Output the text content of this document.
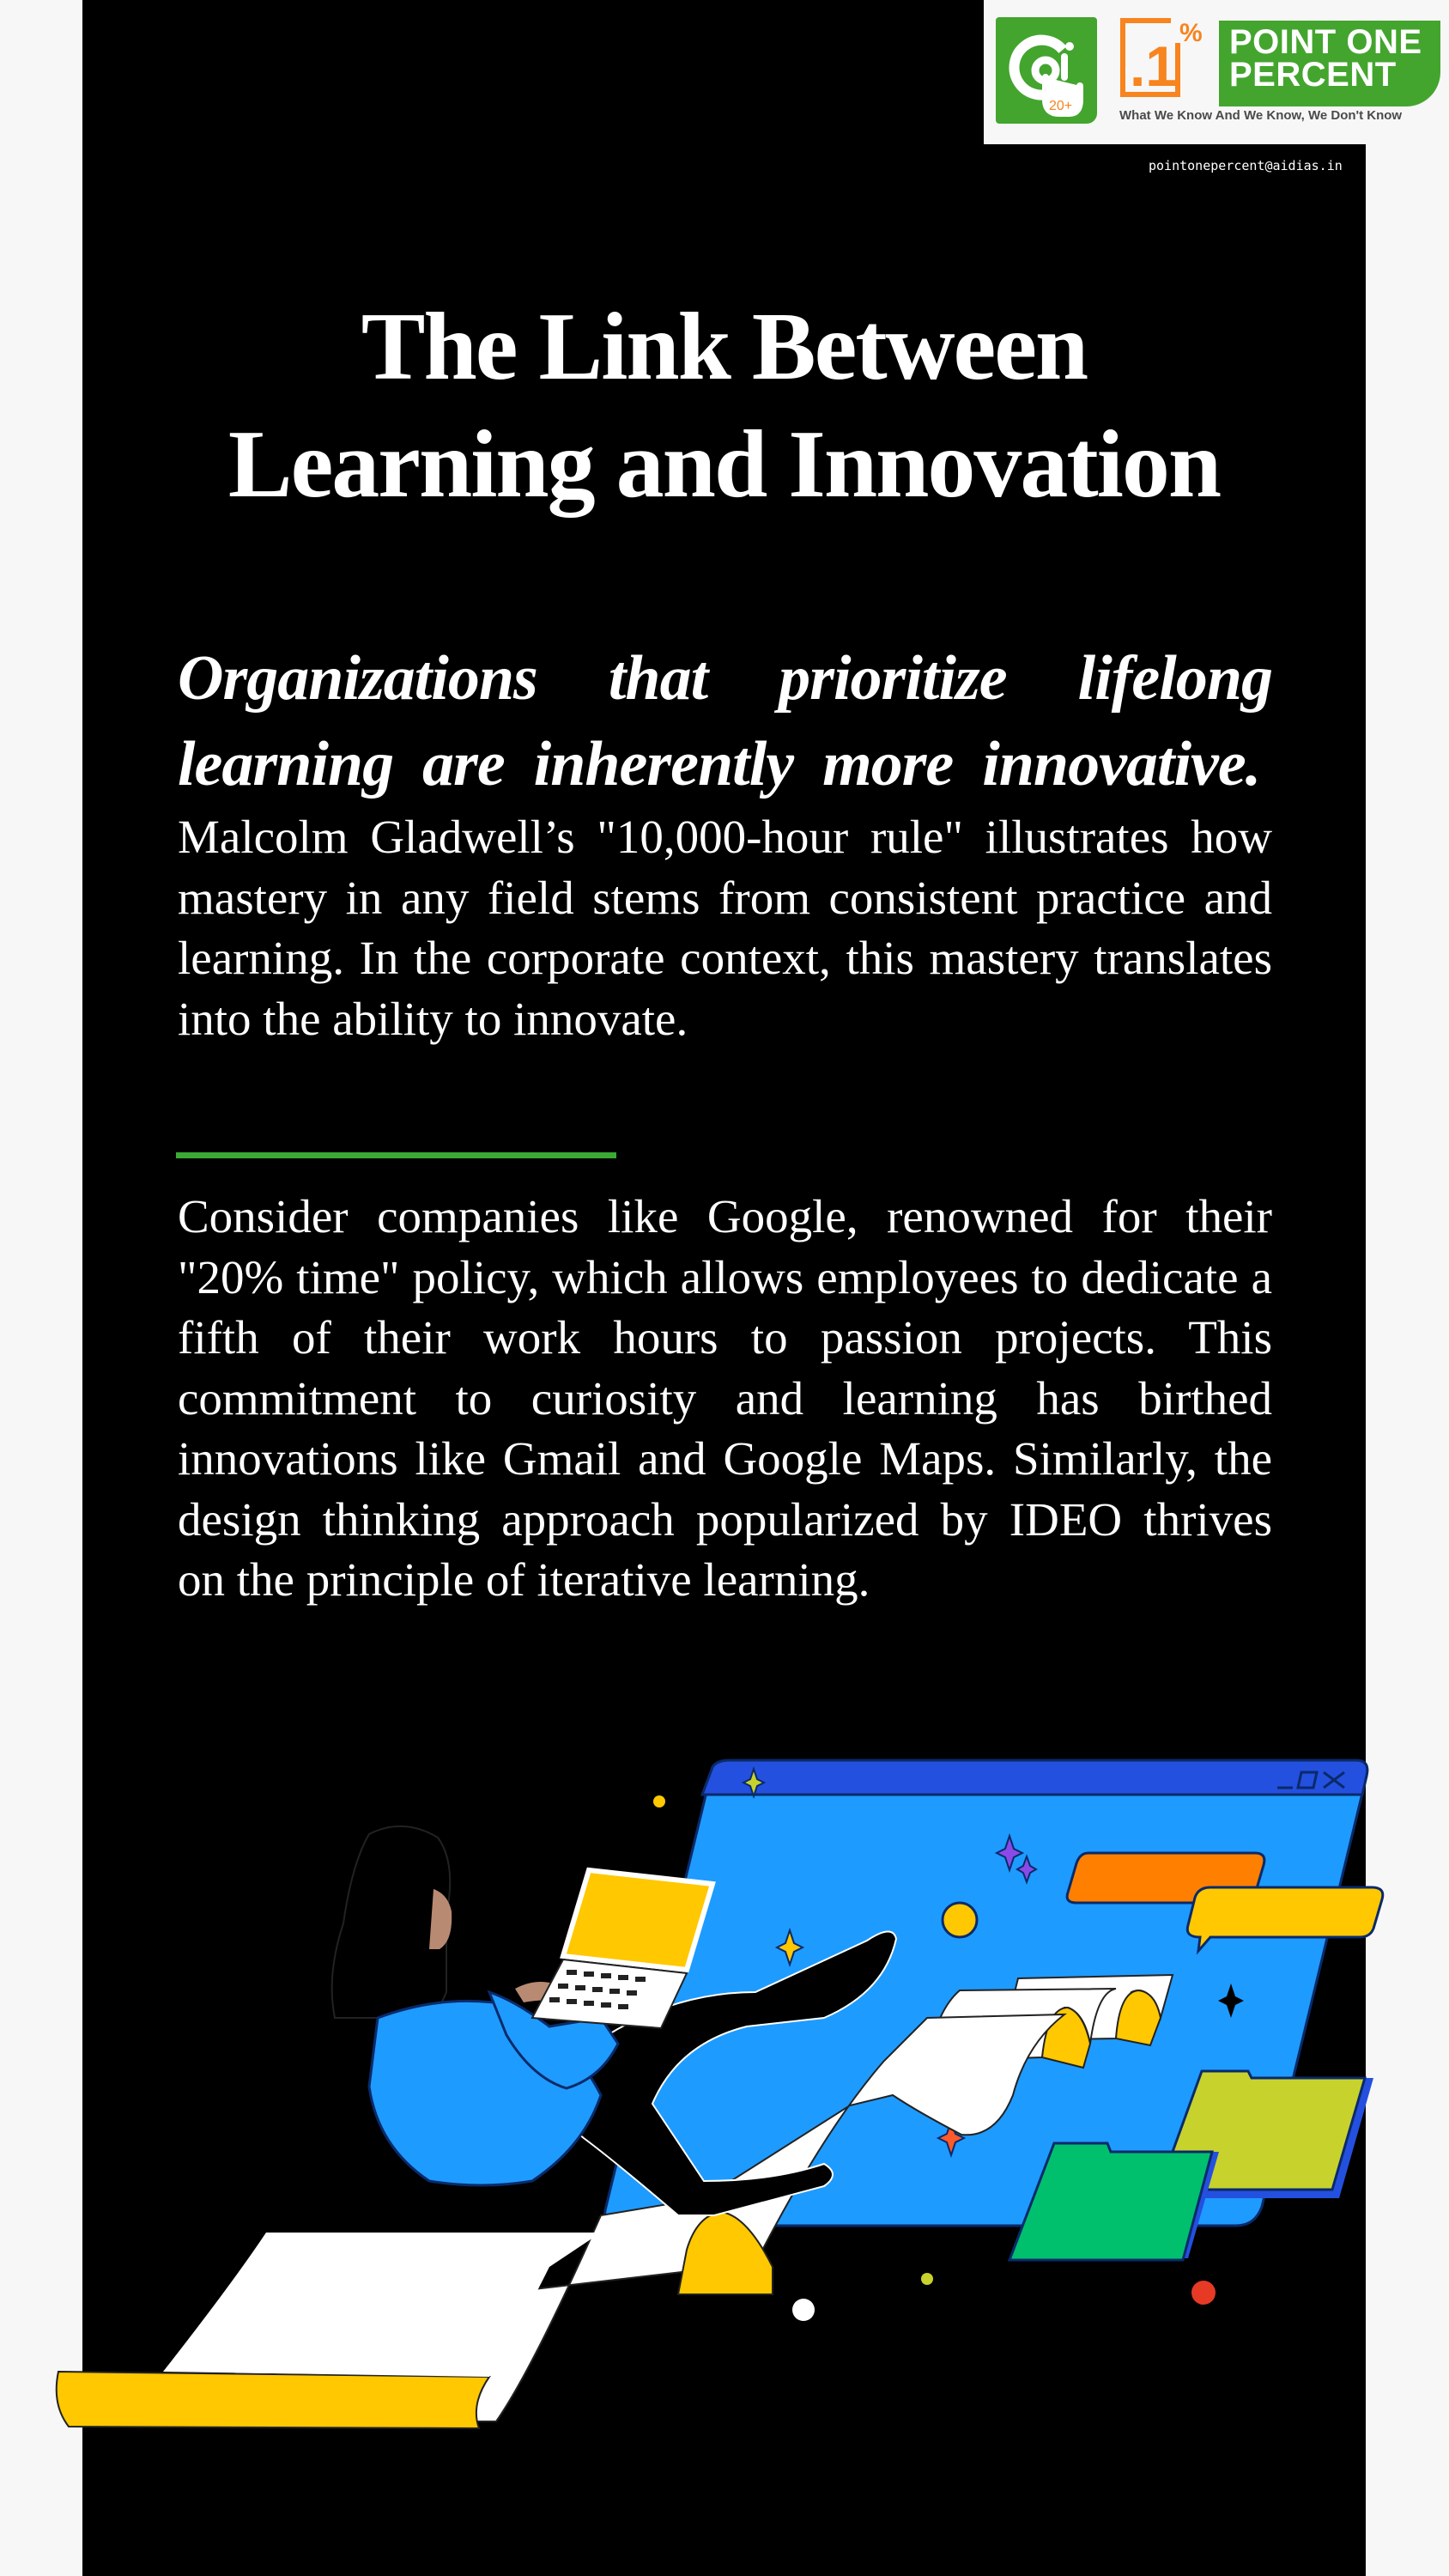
20+
.1
% POINT ONE
PERCENT
What We Know And We Know, We Don't Know
pointonepercent@aidias.in
The Link Between
Learning and Innovation

Organizations that prioritize lifelong learning are inherently more innovative.  Malcolm Gladwell’s "10,000-hour rule" illustrates how mastery in any field stems from consistent practice and learning. In the corporate context, this mastery translates into the ability to innovate.

Consider companies like Google, renowned for their "20% time" policy, which allows employees to dedicate a fifth of their work hours to passion projects. This commitment to curiosity and learning has birthed innovations like Gmail and Google Maps. Similarly, the design thinking approach popularized by IDEO thrives on the principle of iterative learning.
